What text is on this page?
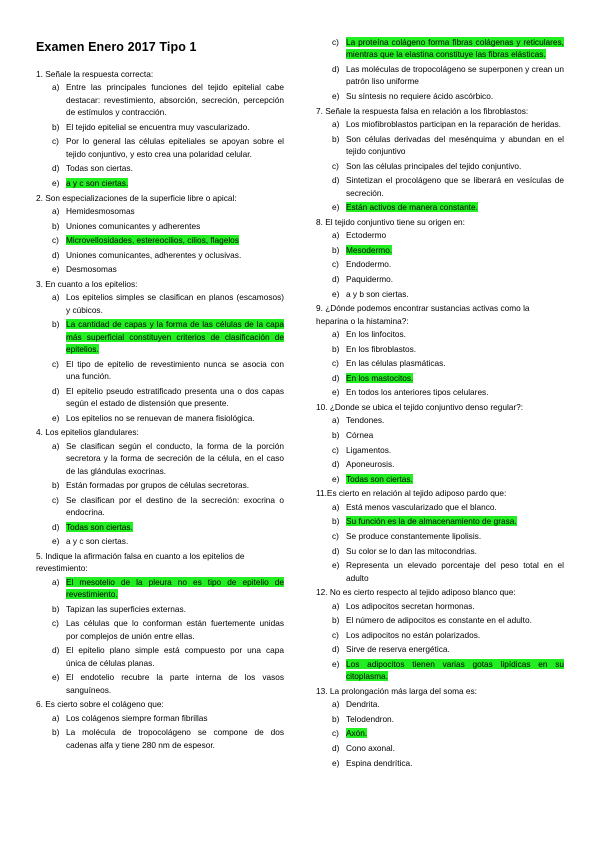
Examen Enero 2017 Tipo 1
1. Señale la respuesta correcta:
a) Entre las principales funciones del tejido epitelial cabe destacar: revestimiento, absorción, secreción, percepción de estímulos y contracción.
b) El tejido epitelial se encuentra muy vascularizado.
c) Por lo general las células epiteliales se apoyan sobre el tejido conjuntivo, y esto crea una polaridad celular.
d) Todas son ciertas.
e) a y c son ciertas.
2. Son especializaciones de la superficie libre o apical:
a) Hemidesmosomas
b) Uniones comunicantes y adherentes
c) Microvellosidades, estereocilios, cilios, flagelos
d) Uniones comunicantes, adherentes y oclusivas.
e) Desmosomas
3. En cuanto a los epitelios:
a) Los epitelios simples se clasifican en planos (escamosos) y cúbicos.
b) La cantidad de capas y la forma de las células de la capa más superficial constituyen criterios de clasificación de epitelios.
c) El tipo de epitelio de revestimiento nunca se asocia con una función.
d) El epitelio pseudo estratificado presenta una o dos capas según el estado de distensión que presente.
e) Los epitelios no se renuevan de manera fisiológica.
4. Los epitelios glandulares:
a) Se clasifican según el conducto, la forma de la porción secretora y la forma de secreción de la célula, en el caso de las glándulas exocrinas.
b) Están formadas por grupos de células secretoras.
c) Se clasifican por el destino de la secreción: exocrina o endocrina.
d) Todas son ciertas.
e) a y c son ciertas.
5. Indique la afirmación falsa en cuanto a los epitelios de revestimiento:
a) El mesotelio de la pleura no es tipo de epitelio de revestimiento.
b) Tapizan las superficies externas.
c) Las células que lo conforman están fuertemente unidas por complejos de unión entre ellas.
d) El epitelio plano simple está compuesto por una capa única de células planas.
e) El endotelio recubre la parte interna de los vasos sanguíneos.
6. Es cierto sobre el colágeno que:
a) Los colágenos siempre forman fibrillas
b) La molécula de tropocolágeno se compone de dos cadenas alfa y tiene 280 nm de espesor.
c) La proteína colágeno forma fibras colágenas y reticulares, mientras que la elastina constituye las fibras elásticas.
d) Las moléculas de tropocolágeno se superponen y crean un patrón liso uniforme
e) Su síntesis no requiere ácido ascórbico.
7. Señale la respuesta falsa en relación a los fibroblastos:
a) Los miofibroblastos participan en la reparación de heridas.
b) Son células derivadas del mesénquima y abundan en el tejido conjuntivo
c) Son las células principales del tejido conjuntivo.
d) Sintetizan el procolágeno que se liberará en vesículas de secreción.
e) Están activos de manera constante.
8. El tejido conjuntivo tiene su origen en:
a) Ectodermo
b) Mesodermo.
c) Endodermo.
d) Paquidermo.
e) a y b son ciertas.
9. ¿Dónde podemos encontrar sustancias activas como la heparina o la histamina?:
a) En los linfocitos.
b) En los fibroblastos.
c) En las células plasmáticas.
d) En los mastocitos.
e) En todos los anteriores tipos celulares.
10. ¿Donde se ubica el tejido conjuntivo denso regular?:
a) Tendones.
b) Córnea
c) Ligamentos.
d) Aponeurosis.
e) Todas son ciertas.
11.Es cierto en relación al tejido adiposo pardo que:
a) Está menos vascularizado que el blanco.
b) Su función es la de almacenamiento de grasa.
c) Se produce constantemente lipolisis.
d) Su color se lo dan las mitocondrias.
e) Representa un elevado porcentaje del peso total en el adulto
12. No es cierto respecto al tejido adiposo blanco que:
a) Los adipocitos secretan hormonas.
b) El número de adipocitos es constante en el adulto.
c) Los adipocitos no están polarizados.
d) Sirve de reserva energética.
e) Los adipocitos tienen varias gotas lipídicas en su citoplasma.
13. La prolongación más larga del soma es:
a) Dendrita.
b) Telodendron.
c) Axón.
d) Cono axonal.
e) Espina dendrítica.
